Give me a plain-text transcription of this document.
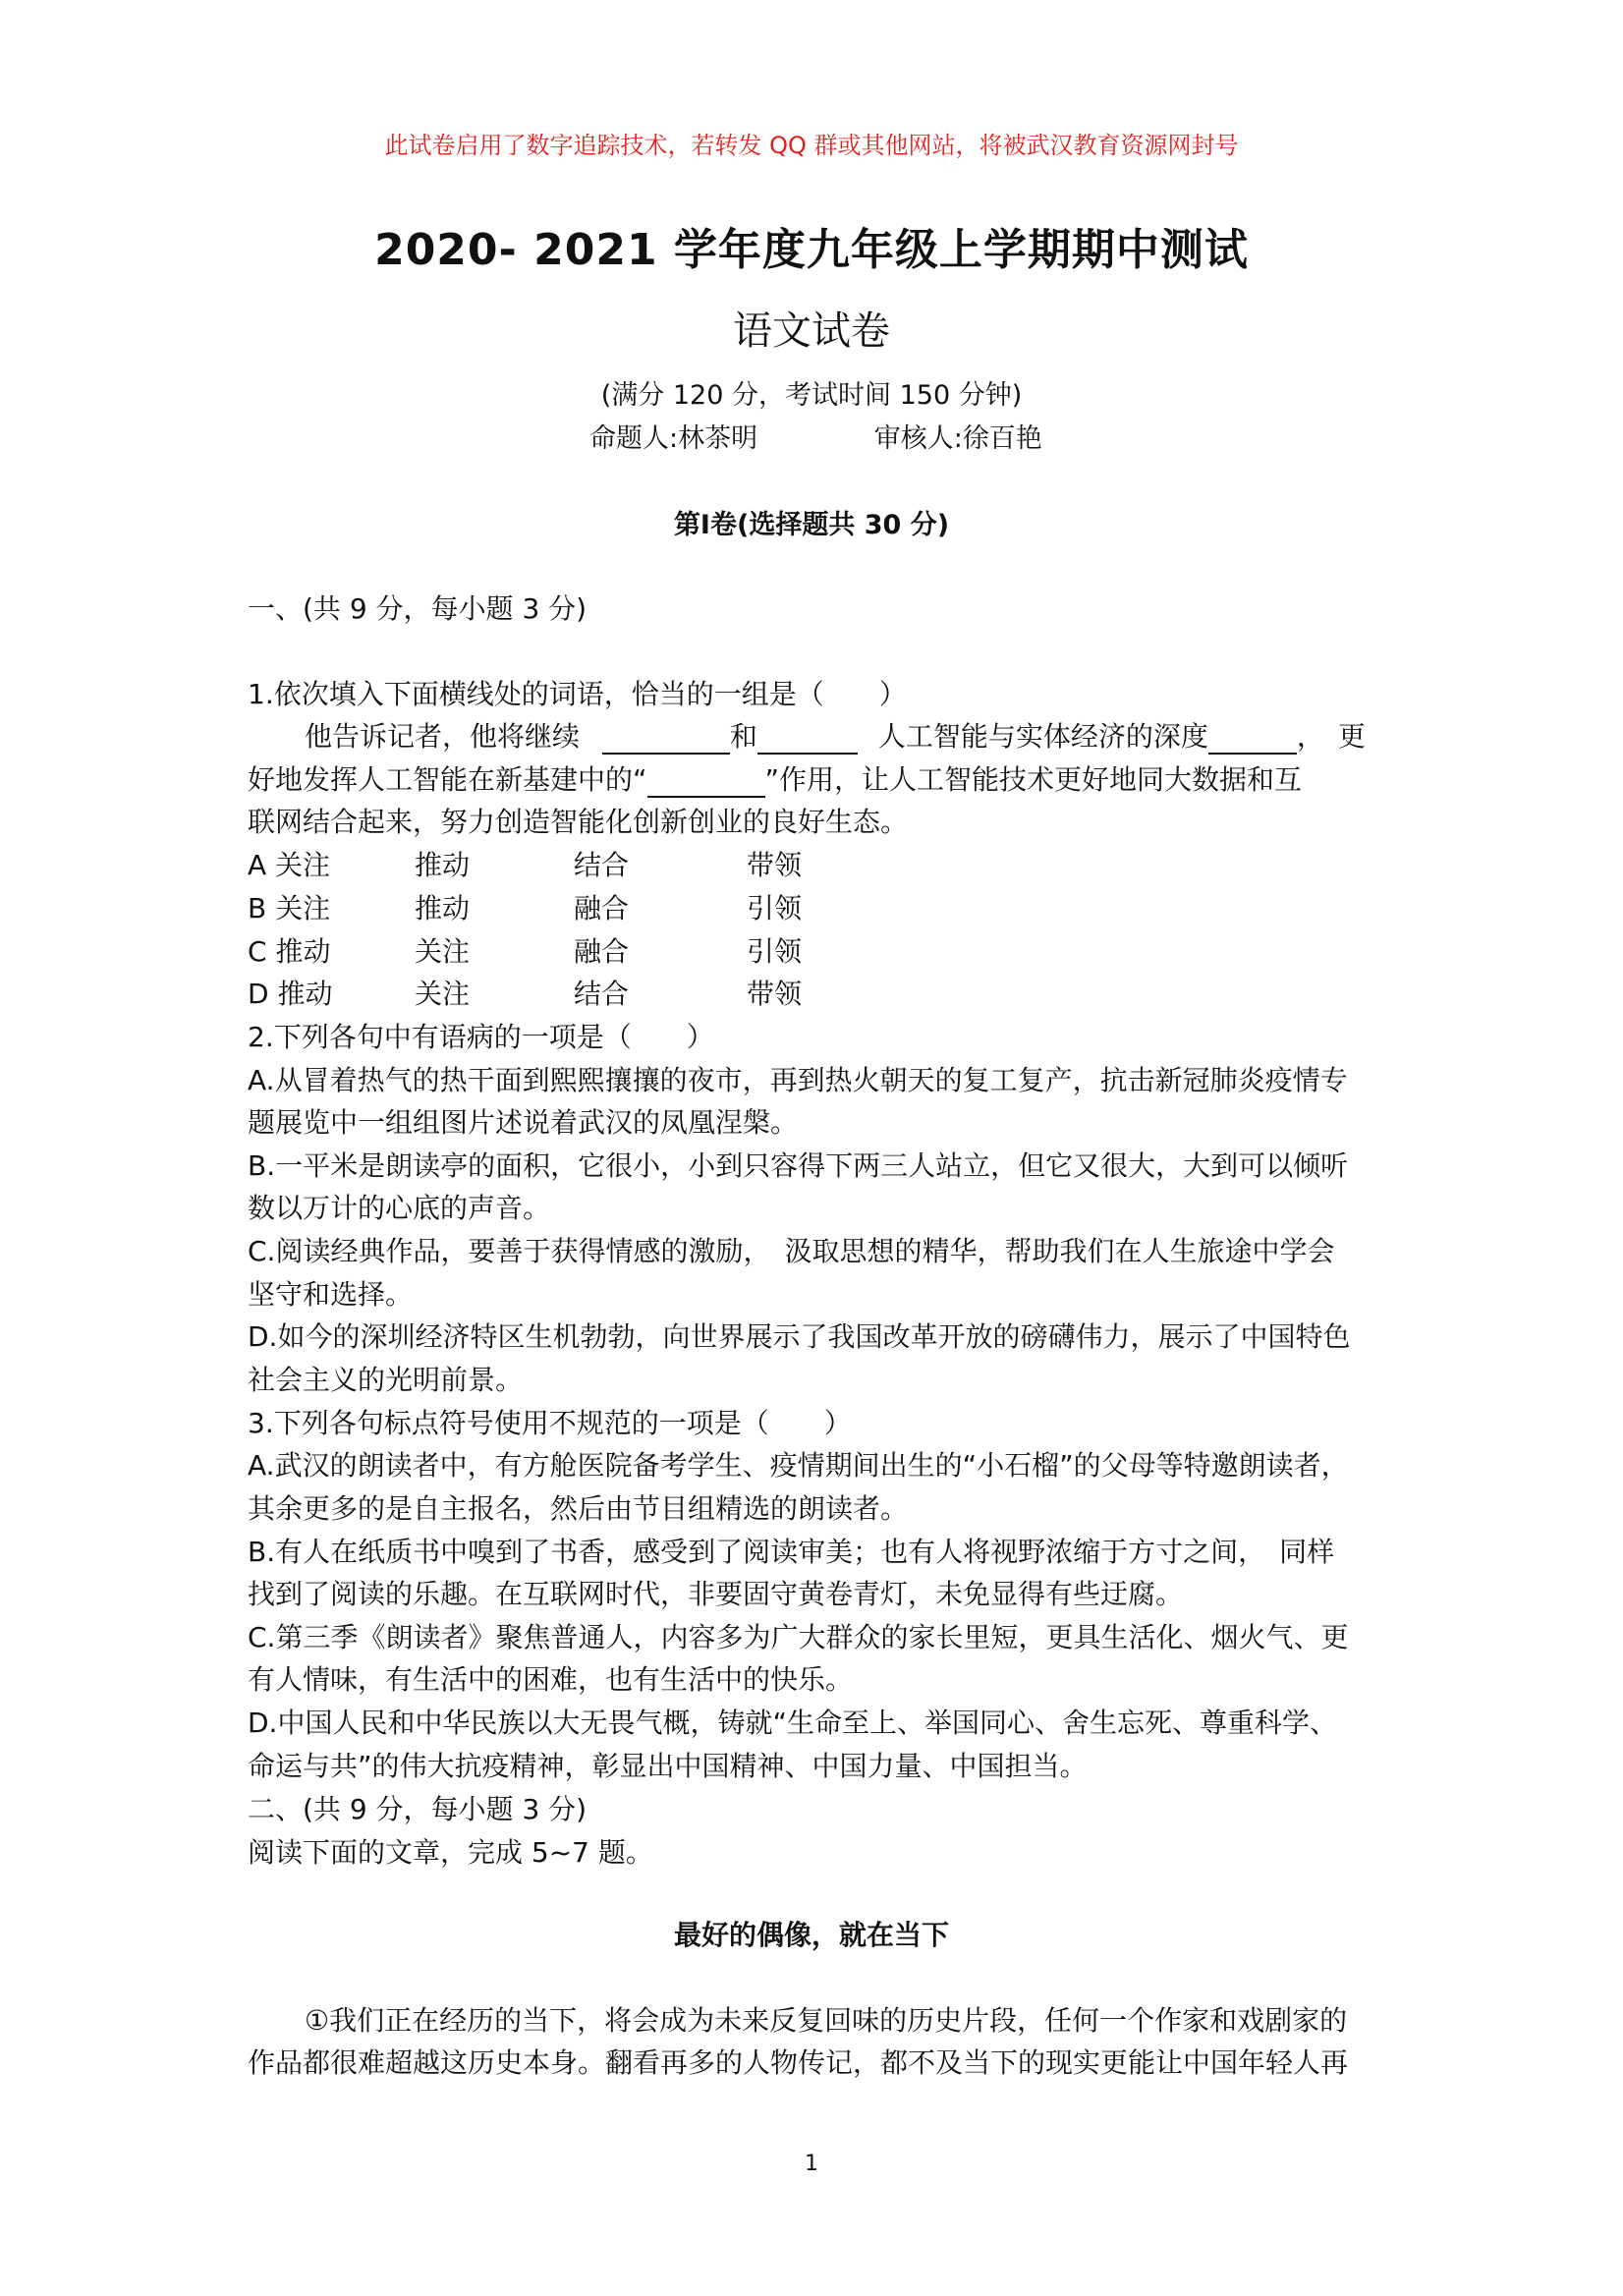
此试卷启用了数字追踪技术，若转发 QQ 群或其他网站，将被武汉教育资源网封号
2020- 2021 学年度九年级上学期期中测试
语文试卷
(满分 120 分，考试时间 150 分钟)
命题人:林茶明	审核人:徐百艳
第Ⅰ卷(选择题共 30 分)
一、(共 9 分，每小题 3 分)
1.依次填入下面横线处的词语，恰当的一组是（　　）
他告诉记者，他将继续	和	人工智能与实体经济的深度	，　更
好地发挥人工智能在新基建中的“	”作用，让人工智能技术更好地同大数据和互
联网结合起来，努力创造智能化创新创业的良好生态。
A 关注	推动	结合	带领
B 关注	推动	融合	引领
C 推动	关注	融合	引领
D 推动	关注	结合	带领
2.下列各句中有语病的一项是（　　）
A.从冒着热气的热干面到熙熙攘攘的夜市，再到热火朝天的复工复产，抗击新冠肺炎疫情专
题展览中一组组图片述说着武汉的凤凰涅槃。
B.一平米是朗读亭的面积，它很小，小到只容得下两三人站立，但它又很大，大到可以倾听
数以万计的心底的声音。
C.阅读经典作品，要善于获得情感的激励，　汲取思想的精华，帮助我们在人生旅途中学会
坚守和选择。
D.如今的深圳经济特区生机勃勃，向世界展示了我国改革开放的磅礴伟力，展示了中国特色
社会主义的光明前景。
3.下列各句标点符号使用不规范的一项是（　　）
A.武汉的朗读者中，有方舱医院备考学生、疫情期间出生的“小石榴”的父母等特邀朗读者，
其余更多的是自主报名，然后由节目组精选的朗读者。
B.有人在纸质书中嗅到了书香，感受到了阅读审美；也有人将视野浓缩于方寸之间，　同样
找到了阅读的乐趣。在互联网时代，非要固守黄卷青灯，未免显得有些迂腐。
C.第三季《朗读者》聚焦普通人，内容多为广大群众的家长里短，更具生活化、烟火气、更
有人情味，有生活中的困难，也有生活中的快乐。
D.中国人民和中华民族以大无畏气概，铸就“生命至上、举国同心、舍生忘死、尊重科学、
命运与共”的伟大抗疫精神，彰显出中国精神、中国力量、中国担当。
二、(共 9 分，每小题 3 分)
阅读下面的文章，完成 5~7 题。
最好的偶像，就在当下
①我们正在经历的当下，将会成为未来反复回味的历史片段，任何一个作家和戏剧家的
作品都很难超越这历史本身。翻看再多的人物传记，都不及当下的现实更能让中国年轻人再
1
